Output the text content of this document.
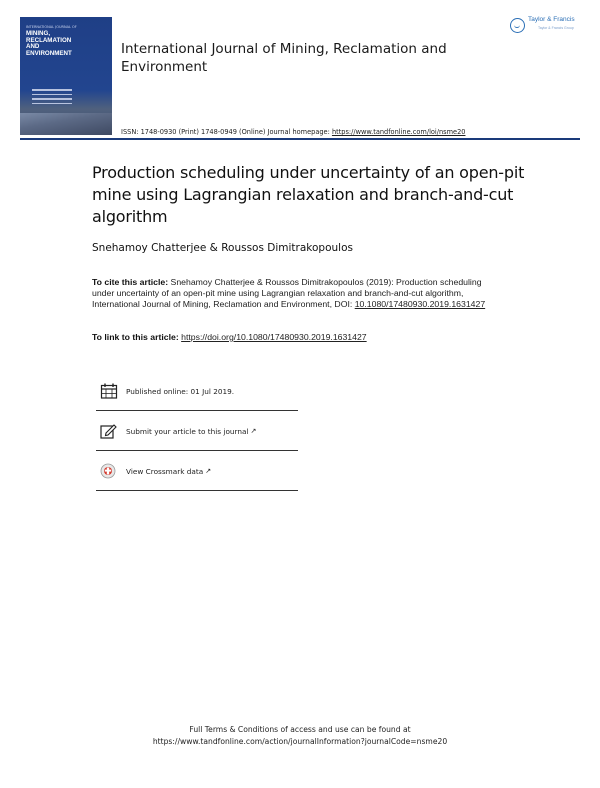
INTERNATIONAL JOURNAL OF
MINING,
RECLAMATION
AND
ENVIRONMENT	International Journal of Mining, Reclamation and Environment
Taylor & Francis
Taylor & Francis Group
ISSN: 1748-0930 (Print) 1748-0949 (Online) Journal homepage: https://www.tandfonline.com/loi/nsme20
Production scheduling under uncertainty of an open-pit mine using Lagrangian relaxation and branch-and-cut algorithm
Snehamoy Chatterjee & Roussos Dimitrakopoulos
To cite this article: Snehamoy Chatterjee & Roussos Dimitrakopoulos (2019): Production scheduling under uncertainty of an open-pit mine using Lagrangian relaxation and branch-and-cut algorithm, International Journal of Mining, Reclamation and Environment, DOI: 10.1080/17480930.2019.1631427
To link to this article: https://doi.org/10.1080/17480930.2019.1631427
Published online: 01 Jul 2019.
Submit your article to this journal ↗
View Crossmark data ↗
Full Terms & Conditions of access and use can be found at
https://www.tandfonline.com/action/journalInformation?journalCode=nsme20
